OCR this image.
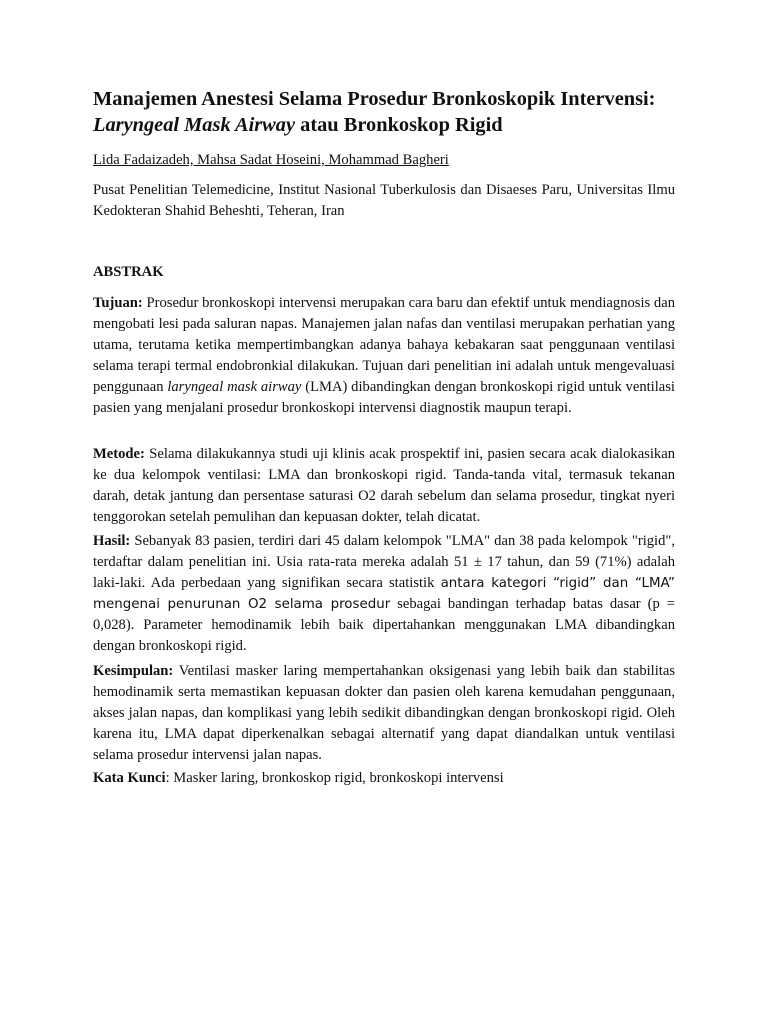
Manajemen Anestesi Selama Prosedur Bronkoskopik Intervensi:
Laryngeal Mask Airway atau Bronkoskop Rigid
Lida Fadaizadeh, Mahsa Sadat Hoseini, Mohammad Bagheri
Pusat Penelitian Telemedicine, Institut Nasional Tuberkulosis dan Disaeses Paru, Universitas Ilmu Kedokteran Shahid Beheshti, Teheran, Iran
ABSTRAK

Tujuan: Prosedur bronkoskopi intervensi merupakan cara baru dan efektif untuk mendiagnosis dan mengobati lesi pada saluran napas. Manajemen jalan nafas dan ventilasi merupakan perhatian yang utama, terutama ketika mempertimbangkan adanya bahaya kebakaran saat penggunaan ventilasi selama terapi termal endobronkial dilakukan. Tujuan dari penelitian ini adalah untuk mengevaluasi penggunaan laryngeal mask airway (LMA) dibandingkan dengan bronkoskopi rigid untuk ventilasi pasien yang menjalani prosedur bronkoskopi intervensi diagnostik maupun terapi.

Metode: Selama dilakukannya studi uji klinis acak prospektif ini, pasien secara acak dialokasikan ke dua kelompok ventilasi: LMA dan bronkoskopi rigid. Tanda-tanda vital, termasuk tekanan darah, detak jantung dan persentase saturasi O2 darah sebelum dan selama prosedur, tingkat nyeri tenggorokan setelah pemulihan dan kepuasan dokter, telah dicatat.

Hasil: Sebanyak 83 pasien, terdiri dari 45 dalam kelompok "LMA" dan 38 pada kelompok "rigid", terdaftar dalam penelitian ini. Usia rata-rata mereka adalah 51 ± 17 tahun, dan 59 (71%) adalah laki-laki. Ada perbedaan yang signifikan secara statistik antara kategori “rigid” dan “LMA” mengenai penurunan O2 selama prosedur sebagai bandingan terhadap batas dasar (p = 0,028). Parameter hemodinamik lebih baik dipertahankan menggunakan LMA dibandingkan dengan bronkoskopi rigid.

Kesimpulan: Ventilasi masker laring mempertahankan oksigenasi yang lebih baik dan stabilitas hemodinamik serta memastikan kepuasan dokter dan pasien oleh karena kemudahan penggunaan, akses jalan napas, dan komplikasi yang lebih sedikit dibandingkan dengan bronkoskopi rigid. Oleh karena itu, LMA dapat diperkenalkan sebagai alternatif yang dapat diandalkan untuk ventilasi selama prosedur intervensi jalan napas.

Kata Kunci: Masker laring, bronkoskop rigid, bronkoskopi intervensi
